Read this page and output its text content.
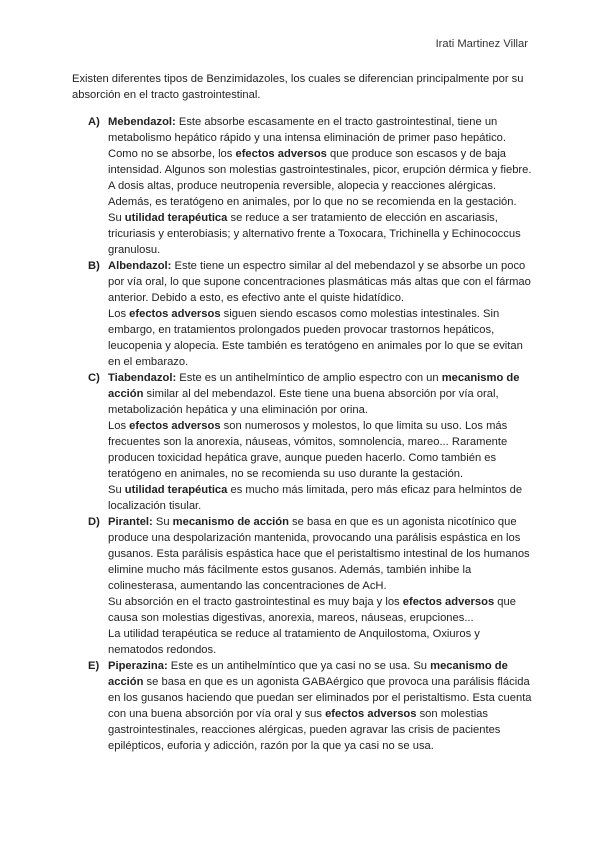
Irati Martinez Villar

Existen diferentes tipos de Benzimidazoles, los cuales se diferencian principalmente por su absorción en el tracto gastrointestinal.

A) Mebendazol: Este absorbe escasamente en el tracto gastrointestinal, tiene un metabolismo hepático rápido y una intensa eliminación de primer paso hepático. Como no se absorbe, los efectos adversos que produce son escasos y de baja intensidad. Algunos son molestias gastrointestinales, picor, erupción dérmica y fiebre. A dosis altas, produce neutropenia reversible, alopecia y reacciones alérgicas. Además, es teratógeno en animales, por lo que no se recomienda en la gestación.

Su utilidad terapéutica se reduce a ser tratamiento de elección en ascariasis, tricuriasis y enterobiasis; y alternativo frente a Toxocara, Trichinella y Echinococcus granulosu.

B) Albendazol: Este tiene un espectro similar al del mebendazol y se absorbe un poco por vía oral, lo que supone concentraciones plasmáticas más altas que con el fármao anterior. Debido a esto, es efectivo ante el quiste hidatídico.

Los efectos adversos siguen siendo escasos como molestias intestinales. Sin embargo, en tratamientos prolongados pueden provocar trastornos hepáticos, leucopenia y alopecia. Este también es teratógeno en animales por lo que se evitan en el embarazo.

C) Tiabendazol: Este es un antihelmíntico de amplio espectro con un mecanismo de acción similar al del mebendazol. Este tiene una buena absorción por vía oral, metabolización hepática y una eliminación por orina.

Los efectos adversos son numerosos y molestos, lo que limita su uso. Los más frecuentes son la anorexia, náuseas, vómitos, somnolencia, mareo... Raramente producen toxicidad hepática grave, aunque pueden hacerlo. Como también es teratógeno en animales, no se recomienda su uso durante la gestación.

Su utilidad terapéutica es mucho más limitada, pero más eficaz para helmintos de localización tisular.

D) Pirantel: Su mecanismo de acción se basa en que es un agonista nicotínico que produce una despolarización mantenida, provocando una parálisis espástica en los gusanos. Esta parálisis espástica hace que el peristaltismo intestinal de los humanos elimine mucho más fácilmente estos gusanos. Además, también inhibe la colinesterasa, aumentando las concentraciones de AcH.

Su absorción en el tracto gastrointestinal es muy baja y los efectos adversos que causa son molestias digestivas, anorexia, mareos, náuseas, erupciones...

La utilidad terapéutica se reduce al tratamiento de Anquilostoma, Oxiuros y nematodos redondos.

E) Piperazina: Este es un antihelmíntico que ya casi no se usa. Su mecanismo de acción se basa en que es un agonista GABAérgico que provoca una parálisis flácida en los gusanos haciendo que puedan ser eliminados por el peristaltismo. Esta cuenta con una buena absorción por vía oral y sus efectos adversos son molestias gastrointestinales, reacciones alérgicas, pueden agravar las crisis de pacientes epilépticos, euforia y adicción, razón por la que ya casi no se usa.
